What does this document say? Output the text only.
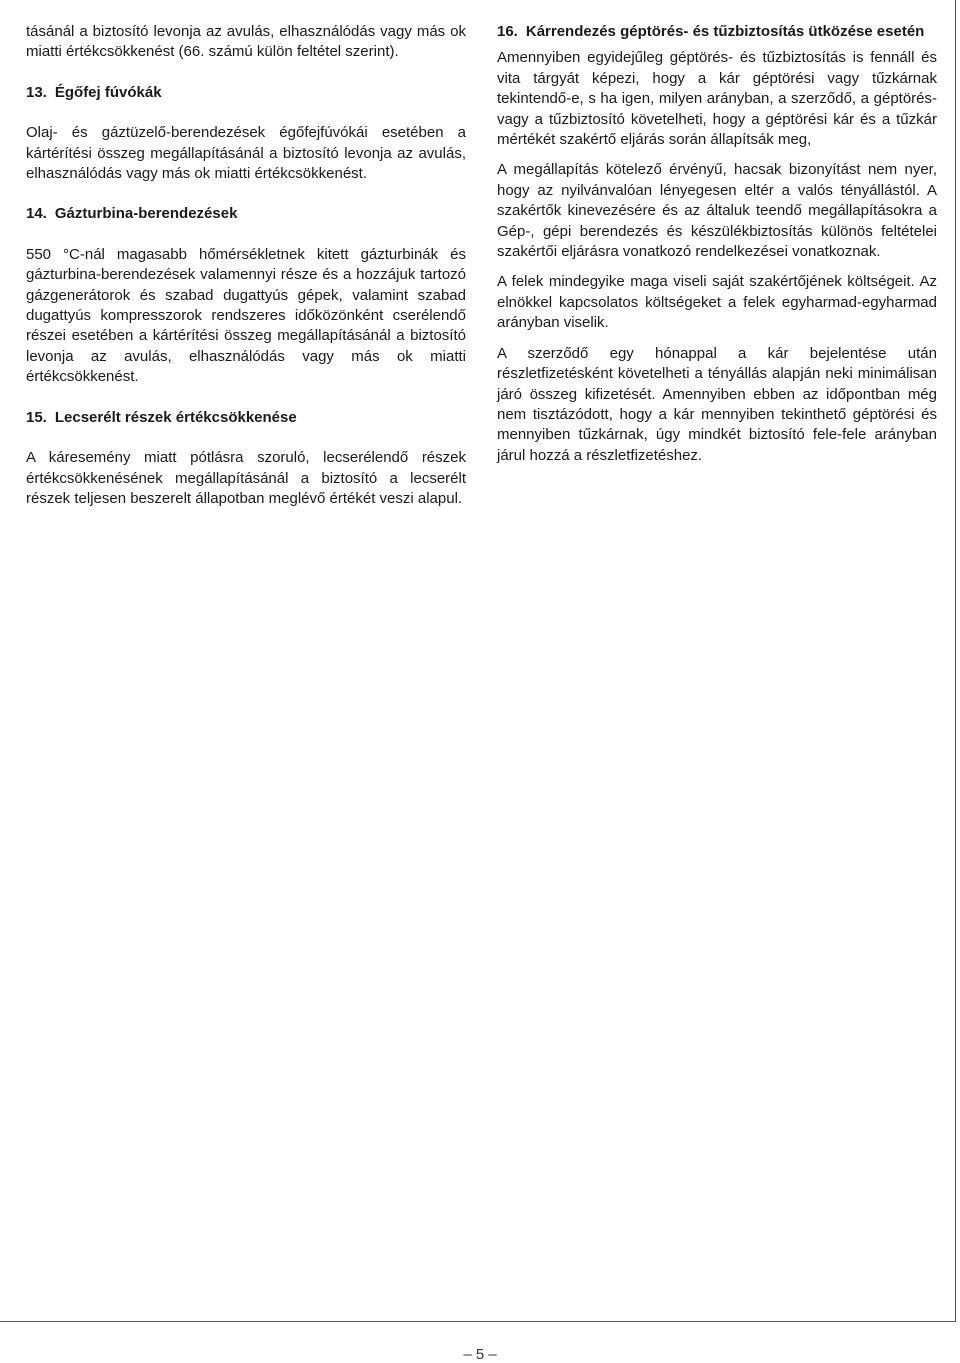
tásánál a biztosító levonja az avulás, elhasználódás vagy más ok miatti értékcsökkenést (66. számú külön feltétel szerint).

13. Égőfej fúvókák

Olaj- és gáztüzelő-berendezések égőfejfúvókái esetében a kártérítési összeg megállapításánál a biztosító levonja az avulás, elhasználódás vagy más ok miatti értékcsökkenést.

14. Gázturbina-berendezések

550 °C-nál magasabb hőmérsékletnek kitett gázturbinák és gázturbina-berendezések valamennyi része és a hozzájuk tartozó gázgenerátorok és szabad dugattyús gépek, valamint szabad dugattyús kompresszorok rendszeres időközönként cserélendő részei esetében a kártérítési összeg megállapításánál a biztosító levonja az avulás, elhasználódás vagy más ok miatti értékcsökkenést.

15. Lecserélt részek értékcsökkenése

A káresemény miatt pótlásra szoruló, lecserélendő részek értékcsökkenésének megállapításánál a biztosító a lecserélt részek teljesen beszerelt állapotban meglévő értékét veszi alapul.

16. Kárrendezés géptörés- és tűzbiztosítás ütközése esetén

Amennyiben egyidejűleg géptörés- és tűzbiztosítás is fennáll és vita tárgyát képezi, hogy a kár géptörési vagy tűzkárnak tekintendő-e, s ha igen, milyen arányban, a szerződő, a géptörés- vagy a tűzbiztosító követelheti, hogy a géptörési kár és a tűzkár mértékét szakértő eljárás során állapítsák meg,

A megállapítás kötelező érvényű, hacsak bizonyítást nem nyer, hogy az nyilvánvalóan lényegesen eltér a valós tényállástól. A szakértők kinevezésére és az általuk teendő megállapításokra a Gép-, gépi berendezés és készülékbiztosítás különös feltételei szakértői eljárásra vonatkozó rendelkezései vonatkoznak.

A felek mindegyike maga viseli saját szakértőjének költségeit. Az elnökkel kapcsolatos költségeket a felek egyharmad-egyharmad arányban viselik.

A szerződő egy hónappal a kár bejelentése után részletfizetésként követelheti a tényállás alapján neki minimálisan járó összeg kifizetését. Amennyiben ebben az időpontban még nem tisztázódott, hogy a kár mennyiben tekinthető géptörési és mennyiben tűzkárnak, úgy mindkét biztosító fele-fele arányban járul hozzá a részletfizetéshez.

– 5 –
